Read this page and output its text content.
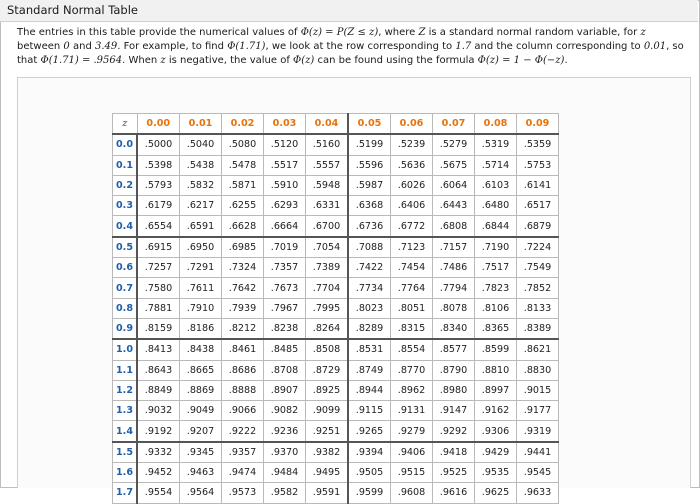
Standard Normal Table
The entries in this table provide the numerical values of Φ(z) = P(Z ≤ z), where Z is a standard normal random variable, for z between 0 and 3.49. For example, to find Φ(1.71), we look at the row corresponding to 1.7 and the column corresponding to 0.01, so that Φ(1.71) = .9564. When z is negative, the value of Φ(z) can be found using the formula Φ(z) = 1 − Φ(−z).
z	0.00	0.01	0.02	0.03	0.04	0.05	0.06	0.07	0.08	0.09
0.0	.5000	.5040	.5080	.5120	.5160	.5199	.5239	.5279	.5319	.5359
0.1	.5398	.5438	.5478	.5517	.5557	.5596	.5636	.5675	.5714	.5753
0.2	.5793	.5832	.5871	.5910	.5948	.5987	.6026	.6064	.6103	.6141
0.3	.6179	.6217	.6255	.6293	.6331	.6368	.6406	.6443	.6480	.6517
0.4	.6554	.6591	.6628	.6664	.6700	.6736	.6772	.6808	.6844	.6879
0.5	.6915	.6950	.6985	.7019	.7054	.7088	.7123	.7157	.7190	.7224
0.6	.7257	.7291	.7324	.7357	.7389	.7422	.7454	.7486	.7517	.7549
0.7	.7580	.7611	.7642	.7673	.7704	.7734	.7764	.7794	.7823	.7852
0.8	.7881	.7910	.7939	.7967	.7995	.8023	.8051	.8078	.8106	.8133
0.9	.8159	.8186	.8212	.8238	.8264	.8289	.8315	.8340	.8365	.8389
1.0	.8413	.8438	.8461	.8485	.8508	.8531	.8554	.8577	.8599	.8621
1.1	.8643	.8665	.8686	.8708	.8729	.8749	.8770	.8790	.8810	.8830
1.2	.8849	.8869	.8888	.8907	.8925	.8944	.8962	.8980	.8997	.9015
1.3	.9032	.9049	.9066	.9082	.9099	.9115	.9131	.9147	.9162	.9177
1.4	.9192	.9207	.9222	.9236	.9251	.9265	.9279	.9292	.9306	.9319
1.5	.9332	.9345	.9357	.9370	.9382	.9394	.9406	.9418	.9429	.9441
1.6	.9452	.9463	.9474	.9484	.9495	.9505	.9515	.9525	.9535	.9545
1.7	.9554	.9564	.9573	.9582	.9591	.9599	.9608	.9616	.9625	.9633
